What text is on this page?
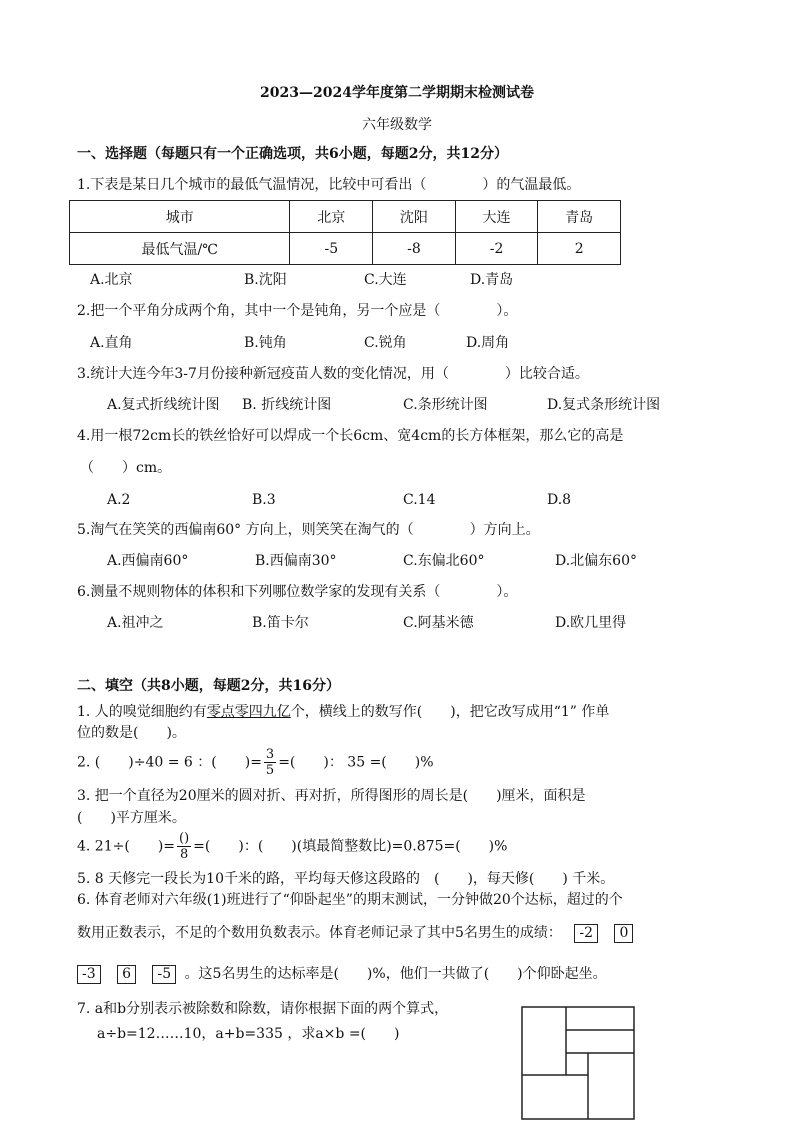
2023—2024学年度第二学期期末检测试卷
六年级数学
一、选择题（每题只有一个正确选项，共6小题，每题2分，共12分）
1.下表是某日几个城市的最低气温情况，比较中可看出（　　　　）的气温最低。
城市	北京	沈阳	大连	青岛
最低气温/℃	-5	-8	-2	2
A.北京	B.沈阳	C.大连	D.青岛
2.把一个平角分成两个角，其中一个是钝角，另一个应是（　　　　）。
A.直角	B.钝角	C.锐角	D.周角
3.统计大连今年3-7月份接种新冠疫苗人数的变化情况，用（　　　　）比较合适。
A.复式折线统计图 B. 折线统计图	C.条形统计图	D.复式条形统计图
4.用一根72cm长的铁丝恰好可以焊成一个长6cm、宽4cm的长方体框架，那么它的高是
（　　）cm。
A.2	B.3	C.14	D.8
5.淘气在笑笑的西偏南60° 方向上，则笑笑在淘气的（　　　　）方向上。
A.西偏南60°	B.西偏南30°	C.东偏北60°	D.北偏东60°
6.测量不规则物体的体积和下列哪位数学家的发现有关系（　　　　）。
A.祖冲之	B.笛卡尔	C.阿基米德	D.欧几里得
二、填空（共8小题，每题2分，共16分）
1. 人的嗅觉细胞约有零点零四九亿个，横线上的数写作(　　)，把它改写成用“1” 作单
位的数是(　　)。
2. (　　)÷40 = 6 ：(　　)= $\frac{3}{5}$ =(　　)： 35 =(　　)%
3. 把一个直径为20厘米的圆对折、再对折，所得图形的周长是(　　)厘米，面积是
(　　)平方厘米。
4. 21÷(　　)= $\frac{()}{8}$ =(　　)：(　　)(填最简整数比)=0.875=(　　)%
5. 8 天修完一段长为10千米的路，平均每天修这段路的　(　　)，每天修(　　) 千米。
6. 体育老师对六年级(1)班进行了“仰卧起坐”的期末测试，一分钟做20个达标，超过的个
数用正数表示，不足的个数用负数表示。体育老师记录了其中5名男生的成绩： -2 0
-3 6 -5 。这5名男生的达标率是(　　)%，他们一共做了(　　)个仰卧起坐。
7. a和b分别表示被除数和除数，请你根据下面的两个算式，
a÷b=12……10，a+b=335 ，求a×b =(　　)
